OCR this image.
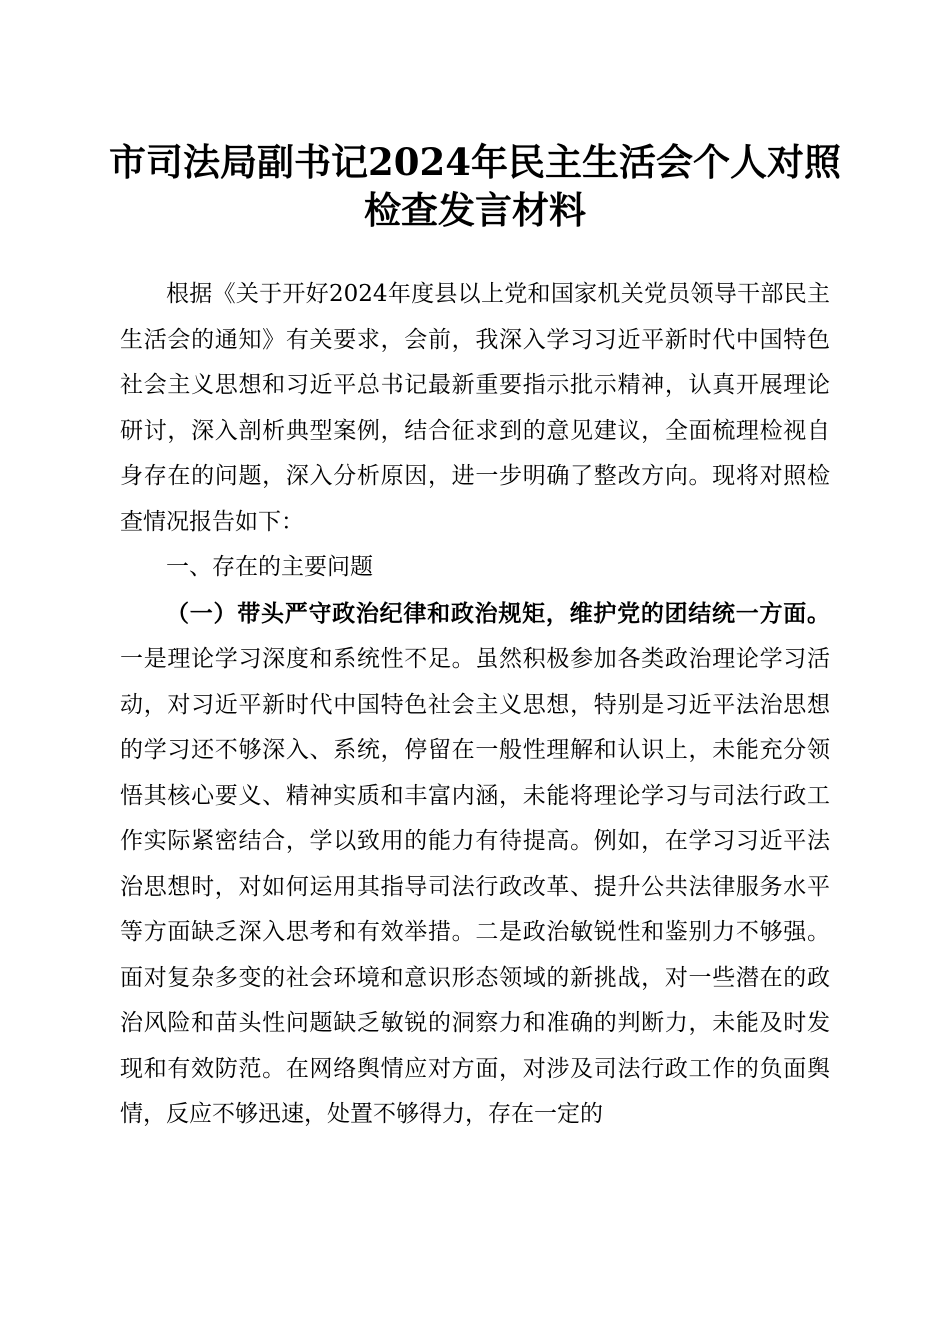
市司法局副书记2024年民主生活会个人对照
检查发言材料

根据《关于开好2024年度县以上党和国家机关党员领导干部民主生活会的通知》有关要求，会前，我深入学习习近平新时代中国特色社会主义思想和习近平总书记最新重要指示批示精神，认真开展理论研讨，深入剖析典型案例，结合征求到的意见建议，全面梳理检视自身存在的问题，深入分析原因，进一步明确了整改方向。现将对照检查情况报告如下：

一、存在的主要问题

（一）带头严守政治纪律和政治规矩，维护党的团结统一方面。一是理论学习深度和系统性不足。虽然积极参加各类政治理论学习活动，对习近平新时代中国特色社会主义思想，特别是习近平法治思想的学习还不够深入、系统，停留在一般性理解和认识上，未能充分领悟其核心要义、精神实质和丰富内涵，未能将理论学习与司法行政工作实际紧密结合，学以致用的能力有待提高。例如，在学习习近平法治思想时，对如何运用其指导司法行政改革、提升公共法律服务水平等方面缺乏深入思考和有效举措。二是政治敏锐性和鉴别力不够强。面对复杂多变的社会环境和意识形态领域的新挑战，对一些潜在的政治风险和苗头性问题缺乏敏锐的洞察力和准确的判断力，未能及时发现和有效防范。在网络舆情应对方面，对涉及司法行政工作的负面舆情，反应不够迅速，处置不够得力，存在一定的
